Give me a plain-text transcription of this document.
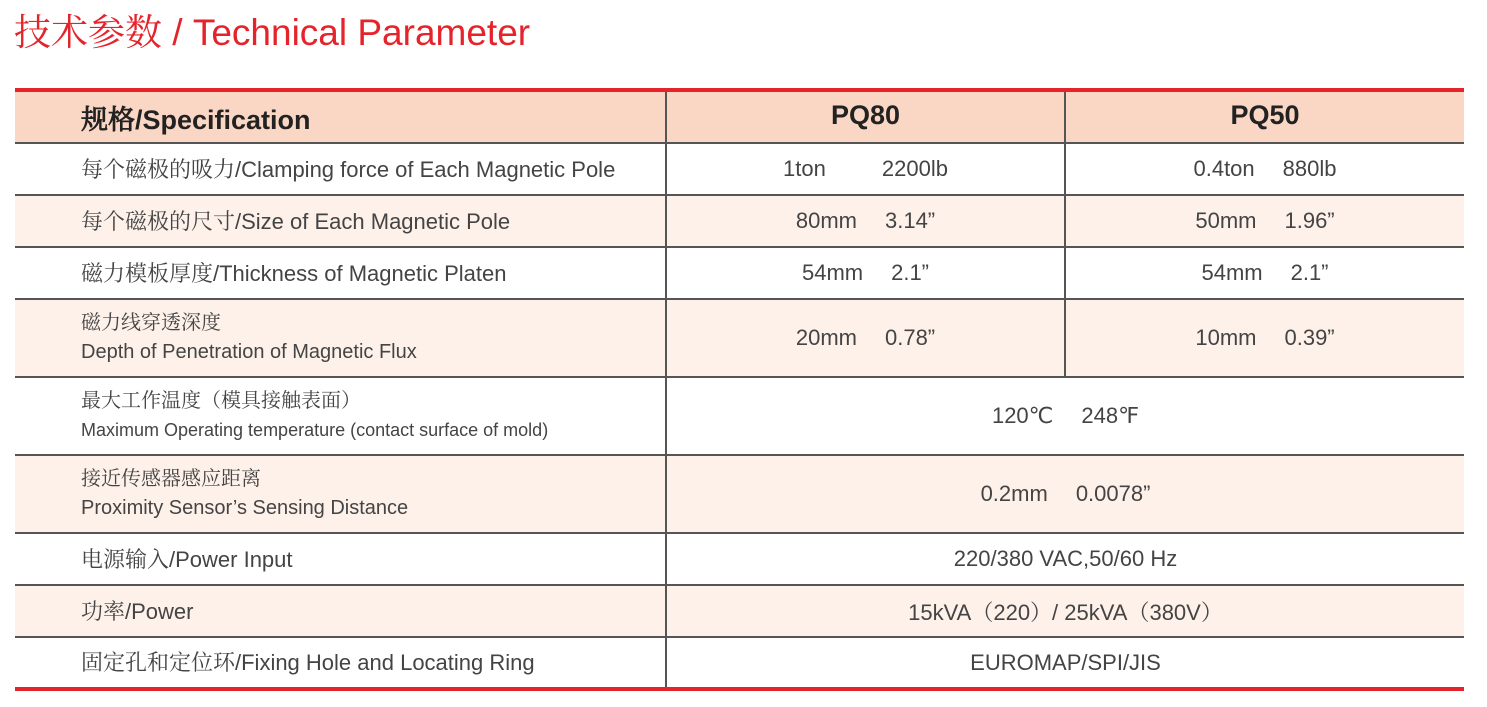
技术参数 / Technical Parameter
规格/Specification	PQ80	PQ50
每个磁极的吸力/Clamping force of Each Magnetic Pole	1ton 2200lb	0.4ton 880lb
每个磁极的尺寸/Size of Each Magnetic Pole	80mm 3.14”	50mm 1.96”
磁力模板厚度/Thickness of Magnetic Platen	54mm 2.1”	54mm 2.1”

磁力线穿透深度
Depth of Penetration of Magnetic Flux	20mm 0.78”	10mm 0.39”

最大工作温度（模具接触表面）
Maximum Operating temperature (contact surface of mold)	120℃ 248℉	

接近传感器感应距离
Proximity Sensor’s Sensing Distance	0.2mm 0.0078”	
电源输入/Power Input	220/380 VAC,50/60 Hz	
功率/Power	15kVA（220）/ 25kVA（380V）	
固定孔和定位环/Fixing Hole and Locating Ring	EUROMAP/SPI/JIS	
